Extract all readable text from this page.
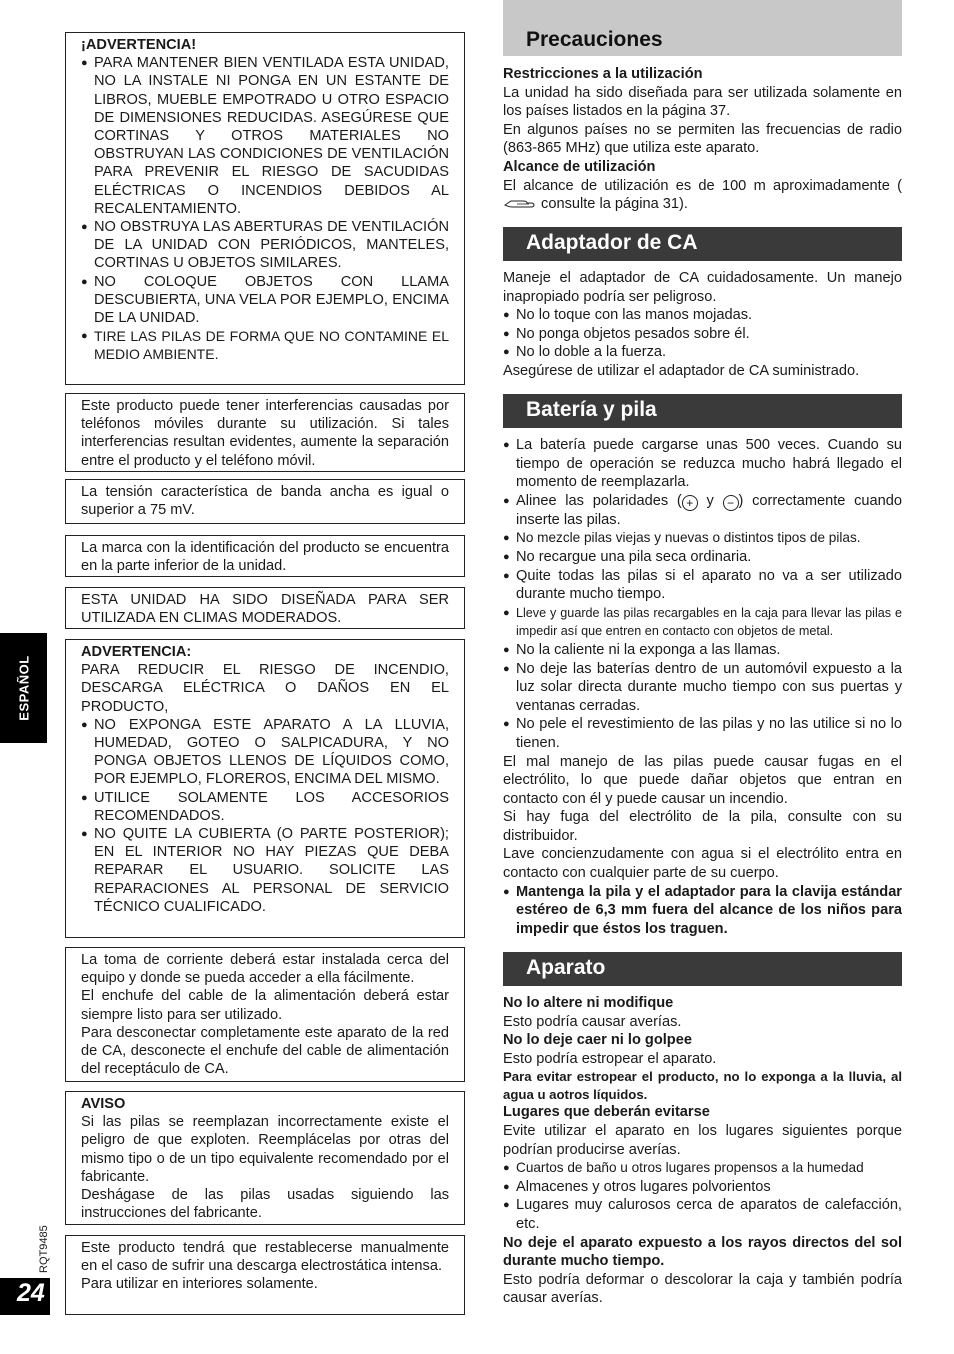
¡ADVERTENCIA!

● PARA MANTENER BIEN VENTILADA ESTA UNIDAD, NO LA INSTALE NI PONGA EN UN ESTANTE DE LIBROS, MUEBLE EMPOTRADO U OTRO ESPACIO DE DIMENSIONES REDUCIDAS. ASEGÚRESE QUE CORTINAS Y OTROS MATERIALES NO OBSTRUYAN LAS CONDICIONES DE VENTILACIÓN PARA PREVENIR EL RIESGO DE SACUDIDAS ELÉCTRICAS O INCENDIOS DEBIDOS AL RECALENTAMIENTO.
● NO OBSTRUYA LAS ABERTURAS DE VENTILACIÓN DE LA UNIDAD CON PERIÓDICOS, MANTELES, CORTINAS U OBJETOS SIMILARES.
● NO COLOQUE OBJETOS CON LLAMA DESCUBIERTA, UNA VELA POR EJEMPLO, ENCIMA DE LA UNIDAD.
● TIRE LAS PILAS DE FORMA QUE NO CONTAMINE EL MEDIO AMBIENTE.

Este producto puede tener interferencias causadas por teléfonos móviles durante su utilización. Si tales interferencias resultan evidentes, aumente la separación entre el producto y el teléfono móvil.

La tensión característica de banda ancha es igual o superior a 75 mV.

La marca con la identificación del producto se encuentra en la parte inferior de la unidad.

ESTA UNIDAD HA SIDO DISEÑADA PARA SER UTILIZADA EN CLIMAS MODERADOS.

ADVERTENCIA:

PARA REDUCIR EL RIESGO DE INCENDIO, DESCARGA ELÉCTRICA O DAÑOS EN EL PRODUCTO,

● NO EXPONGA ESTE APARATO A LA LLUVIA, HUMEDAD, GOTEO O SALPICADURA, Y NO PONGA OBJETOS LLENOS DE LÍQUIDOS COMO, POR EJEMPLO, FLOREROS, ENCIMA DEL MISMO.
● UTILICE SOLAMENTE LOS ACCESORIOS RECOMENDADOS.
● NO QUITE LA CUBIERTA (O PARTE POSTERIOR); EN EL INTERIOR NO HAY PIEZAS QUE DEBA REPARAR EL USUARIO. SOLICITE LAS REPARACIONES AL PERSONAL DE SERVICIO TÉCNICO CUALIFICADO.

La toma de corriente deberá estar instalada cerca del equipo y donde se pueda acceder a ella fácilmente.

El enchufe del cable de la alimentación deberá estar siempre listo para ser utilizado.

Para desconectar completamente este aparato de la red de CA, desconecte el enchufe del cable de alimentación del receptáculo de CA.

AVISO

Si las pilas se reemplazan incorrectamente existe el peligro de que exploten. Reemplácelas por otras del mismo tipo o de un tipo equivalente recomendado por el fabricante.

Deshágase de las pilas usadas siguiendo las instrucciones del fabricante.

Este producto tendrá que restablecerse manualmente en el caso de sufrir una descarga electrostática intensa.

Para utilizar en interiores solamente.

ESPAÑOL
RQT9485
24
Precauciones

Restricciones a la utilización

La unidad ha sido diseñada para ser utilizada solamente en los países listados en la página 37.

En algunos países no se permiten las frecuencias de radio (863-865 MHz) que utiliza este aparato.

Alcance de utilización

El alcance de utilización es de 100 m aproximadamente ( consulte la página 31).

Adaptador de CA

Maneje el adaptador de CA cuidadosamente. Un manejo inapropiado podría ser peligroso.

● No lo toque con las manos mojadas.
● No ponga objetos pesados sobre él.
● No lo doble a la fuerza.

Asegúrese de utilizar el adaptador de CA suministrado.

Batería y pila
● La batería puede cargarse unas 500 veces. Cuando su tiempo de operación se reduzca mucho habrá llegado el momento de reemplazarla.
● Alinee las polaridades ( + y − ) correctamente cuando inserte las pilas.
● No mezcle pilas viejas y nuevas o distintos tipos de pilas.
● No recargue una pila seca ordinaria.
● Quite todas las pilas si el aparato no va a ser utilizado durante mucho tiempo.
● Lleve y guarde las pilas recargables en la caja para llevar las pilas e impedir así que entren en contacto con objetos de metal.
● No la caliente ni la exponga a las llamas.
● No deje las baterías dentro de un automóvil expuesto a la luz solar directa durante mucho tiempo con sus puertas y ventanas cerradas.
● No pele el revestimiento de las pilas y no las utilice si no lo tienen.

El mal manejo de las pilas puede causar fugas en el electrólito, lo que puede dañar objetos que entran en contacto con él y puede causar un incendio.

Si hay fuga del electrólito de la pila, consulte con su distribuidor.

Lave concienzudamente con agua si el electrólito entra en contacto con cualquier parte de su cuerpo.

● Mantenga la pila y el adaptador para la clavija estándar estéreo de 6,3 mm fuera del alcance de los niños para impedir que éstos los traguen.
Aparato

No lo altere ni modifique

Esto podría causar averías.

No lo deje caer ni lo golpee

Esto podría estropear el aparato.

Para evitar estropear el producto, no lo exponga a la lluvia, al agua u aotros líquidos.

Lugares que deberán evitarse

Evite utilizar el aparato en los lugares siguientes porque podrían producirse averías.

● Cuartos de baño u otros lugares propensos a la humedad
● Almacenes y otros lugares polvorientos
● Lugares muy calurosos cerca de aparatos de calefacción, etc.

No deje el aparato expuesto a los rayos directos del sol durante mucho tiempo.

Esto podría deformar o descolorar la caja y también podría causar averías.
